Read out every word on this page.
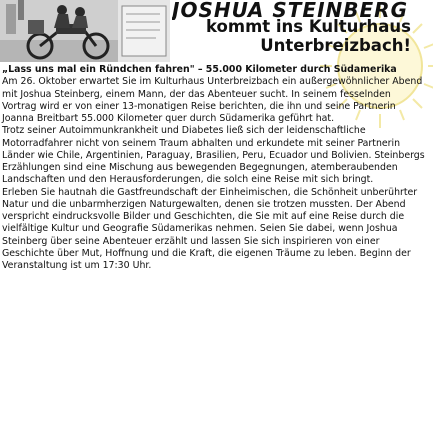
JOSHUA STEINBERG
kommt ins Kulturhaus
Unterbreizbach!
„Lass uns mal ein Ründchen fahren" – 55.000 Kilometer durch Südamerika
Am 26. Oktober erwartet Sie im Kulturhaus Unterbreizbach ein außergewöhnlicher Abend mit Joshua Steinberg, einem Mann, der das Abenteuer sucht. In seinem fesselnden Vortrag wird er von einer 13-monatigen Reise berichten, die ihn und seine Partnerin Joanna Breitbart 55.000 Kilometer quer durch Südamerika geführt hat.
Trotz seiner Autoimmunkrankheit und Diabetes ließ sich der leidenschaftliche Motorradfahrer nicht von seinem Traum abhalten und erkundete mit seiner Partnerin Länder wie Chile, Argentinien, Paraguay, Brasilien, Peru, Ecuador und Bolivien. Steinbergs Erzählungen sind eine Mischung aus bewegenden Begegnungen, atemberaubenden Landschaften und den Herausforderungen, die solch eine Reise mit sich bringt.
Erleben Sie hautnah die Gastfreundschaft der Einheimischen, die Schönheit unberührter Natur und die unbarmherzigen Naturgewalten, denen sie trotzen mussten. Der Abend verspricht eindrucksvolle Bilder und Geschichten, die Sie mit auf eine Reise durch die vielfältige Kultur und Geografie Südamerikas nehmen. Seien Sie dabei, wenn Joshua Steinberg über seine Abenteuer erzählt und lassen Sie sich inspirieren von einer Geschichte über Mut, Hoffnung und die Kraft, die eigenen Träume zu leben. Beginn der Veranstaltung ist um 17:30 Uhr.
